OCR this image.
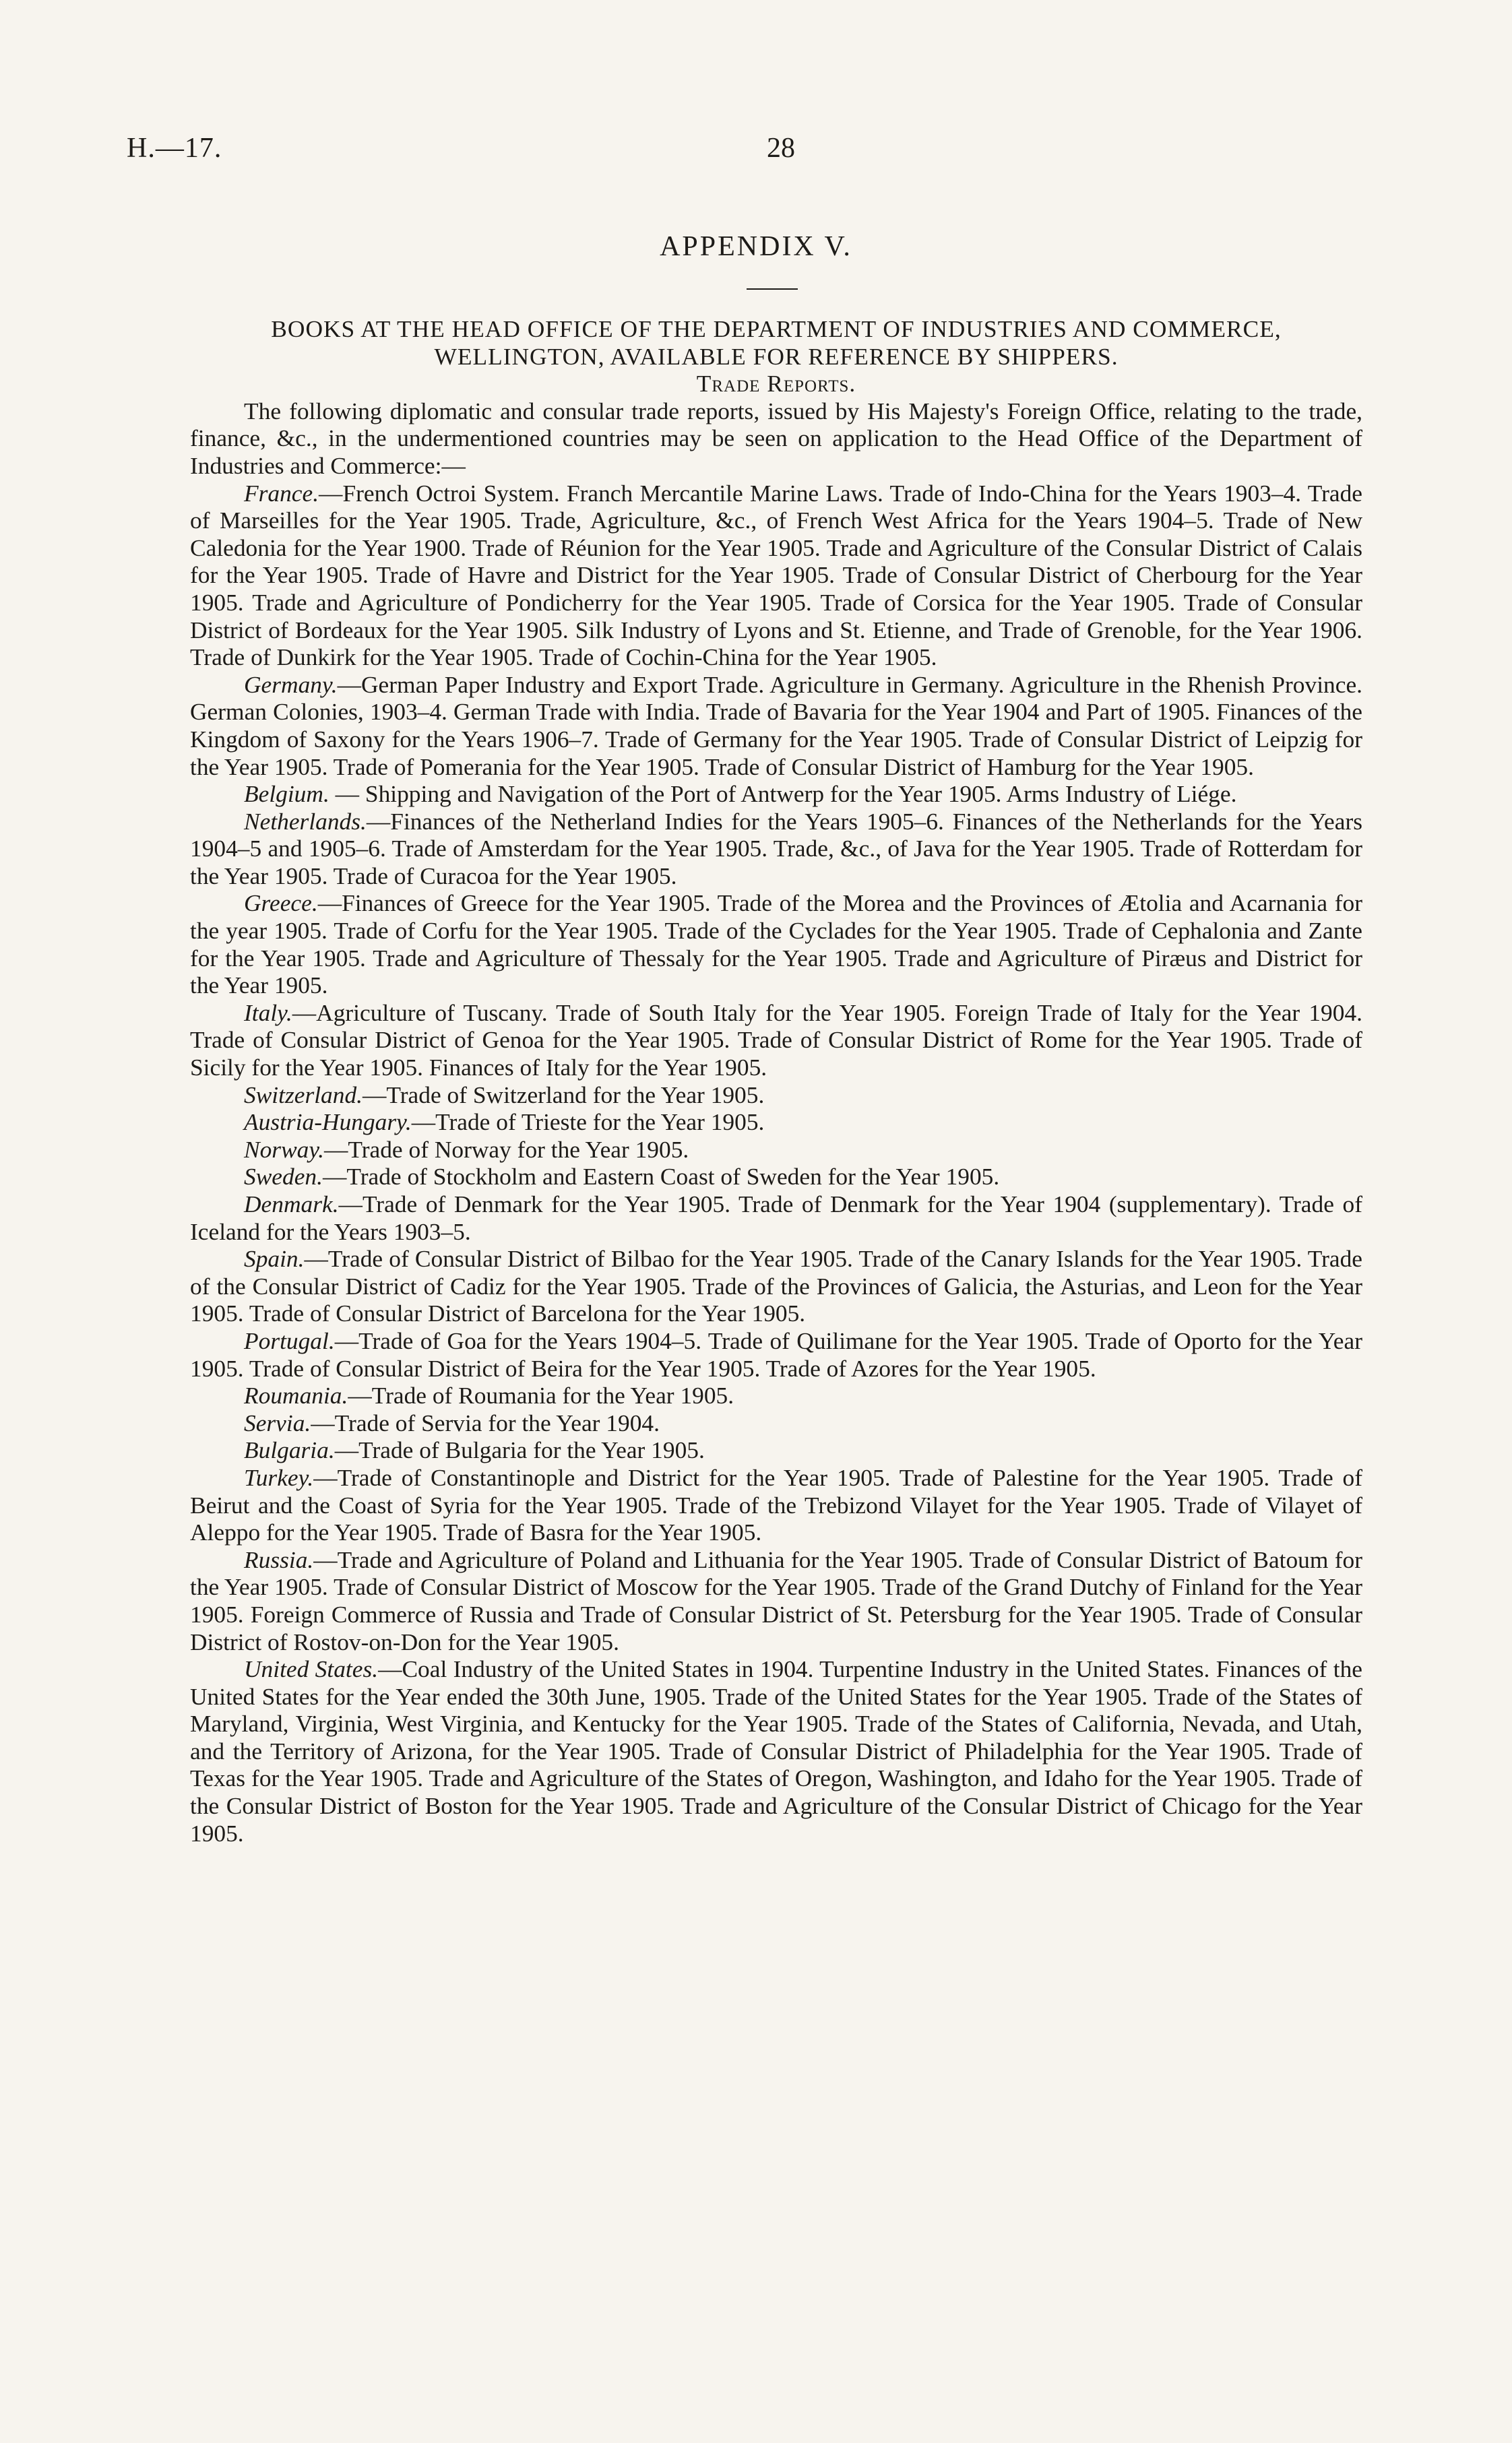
H.—17.	28
APPENDIX V.

BOOKS AT THE HEAD OFFICE OF THE DEPARTMENT OF INDUSTRIES AND COMMERCE, WELLINGTON, AVAILABLE FOR REFERENCE BY SHIPPERS.

Trade Reports.

The following diplomatic and consular trade reports, issued by His Majesty's Foreign Office, relating to the trade, finance, &c., in the undermentioned countries may be seen on application to the Head Office of the Department of Industries and Commerce:—

France.—French Octroi System. Franch Mercantile Marine Laws. Trade of Indo-China for the Years 1903–4. Trade of Marseilles for the Year 1905. Trade, Agriculture, &c., of French West Africa for the Years 1904–5. Trade of New Caledonia for the Year 1900. Trade of Réunion for the Year 1905. Trade and Agriculture of the Consular District of Calais for the Year 1905. Trade of Havre and District for the Year 1905. Trade of Consular District of Cherbourg for the Year 1905. Trade and Agriculture of Pondicherry for the Year 1905. Trade of Corsica for the Year 1905. Trade of Consular District of Bordeaux for the Year 1905. Silk Industry of Lyons and St. Etienne, and Trade of Grenoble, for the Year 1906. Trade of Dunkirk for the Year 1905. Trade of Cochin-China for the Year 1905.

Germany.—German Paper Industry and Export Trade. Agriculture in Germany. Agriculture in the Rhenish Province. German Colonies, 1903–4. German Trade with India. Trade of Bavaria for the Year 1904 and Part of 1905. Finances of the Kingdom of Saxony for the Years 1906–7. Trade of Germany for the Year 1905. Trade of Consular District of Leipzig for the Year 1905. Trade of Pomerania for the Year 1905. Trade of Consular District of Hamburg for the Year 1905.

Belgium. — Shipping and Navigation of the Port of Antwerp for the Year 1905. Arms Industry of Liége.

Netherlands.—Finances of the Netherland Indies for the Years 1905–6. Finances of the Netherlands for the Years 1904–5 and 1905–6. Trade of Amsterdam for the Year 1905. Trade, &c., of Java for the Year 1905. Trade of Rotterdam for the Year 1905. Trade of Curacoa for the Year 1905.

Greece.—Finances of Greece for the Year 1905. Trade of the Morea and the Provinces of Ætolia and Acarnania for the year 1905. Trade of Corfu for the Year 1905. Trade of the Cyclades for the Year 1905. Trade of Cephalonia and Zante for the Year 1905. Trade and Agriculture of Thessaly for the Year 1905. Trade and Agriculture of Piræus and District for the Year 1905.

Italy.—Agriculture of Tuscany. Trade of South Italy for the Year 1905. Foreign Trade of Italy for the Year 1904. Trade of Consular District of Genoa for the Year 1905. Trade of Consular District of Rome for the Year 1905. Trade of Sicily for the Year 1905. Finances of Italy for the Year 1905.

Switzerland.—Trade of Switzerland for the Year 1905.

Austria-Hungary.—Trade of Trieste for the Year 1905.

Norway.—Trade of Norway for the Year 1905.

Sweden.—Trade of Stockholm and Eastern Coast of Sweden for the Year 1905.

Denmark.—Trade of Denmark for the Year 1905. Trade of Denmark for the Year 1904 (supplementary). Trade of Iceland for the Years 1903–5.

Spain.—Trade of Consular District of Bilbao for the Year 1905. Trade of the Canary Islands for the Year 1905. Trade of the Consular District of Cadiz for the Year 1905. Trade of the Provinces of Galicia, the Asturias, and Leon for the Year 1905. Trade of Consular District of Barcelona for the Year 1905.

Portugal.—Trade of Goa for the Years 1904–5. Trade of Quilimane for the Year 1905. Trade of Oporto for the Year 1905. Trade of Consular District of Beira for the Year 1905. Trade of Azores for the Year 1905.

Roumania.—Trade of Roumania for the Year 1905.

Servia.—Trade of Servia for the Year 1904.

Bulgaria.—Trade of Bulgaria for the Year 1905.

Turkey.—Trade of Constantinople and District for the Year 1905. Trade of Palestine for the Year 1905. Trade of Beirut and the Coast of Syria for the Year 1905. Trade of the Trebizond Vilayet for the Year 1905. Trade of Vilayet of Aleppo for the Year 1905. Trade of Basra for the Year 1905.

Russia.—Trade and Agriculture of Poland and Lithuania for the Year 1905. Trade of Consular District of Batoum for the Year 1905. Trade of Consular District of Moscow for the Year 1905. Trade of the Grand Dutchy of Finland for the Year 1905. Foreign Commerce of Russia and Trade of Consular District of St. Petersburg for the Year 1905. Trade of Consular District of Rostov-on-Don for the Year 1905.

United States.—Coal Industry of the United States in 1904. Turpentine Industry in the United States. Finances of the United States for the Year ended the 30th June, 1905. Trade of the United States for the Year 1905. Trade of the States of Maryland, Virginia, West Virginia, and Kentucky for the Year 1905. Trade of the States of California, Nevada, and Utah, and the Territory of Arizona, for the Year 1905. Trade of Consular District of Philadelphia for the Year 1905. Trade of Texas for the Year 1905. Trade and Agriculture of the States of Oregon, Washington, and Idaho for the Year 1905. Trade of the Consular District of Boston for the Year 1905. Trade and Agriculture of the Consular District of Chicago for the Year 1905.
